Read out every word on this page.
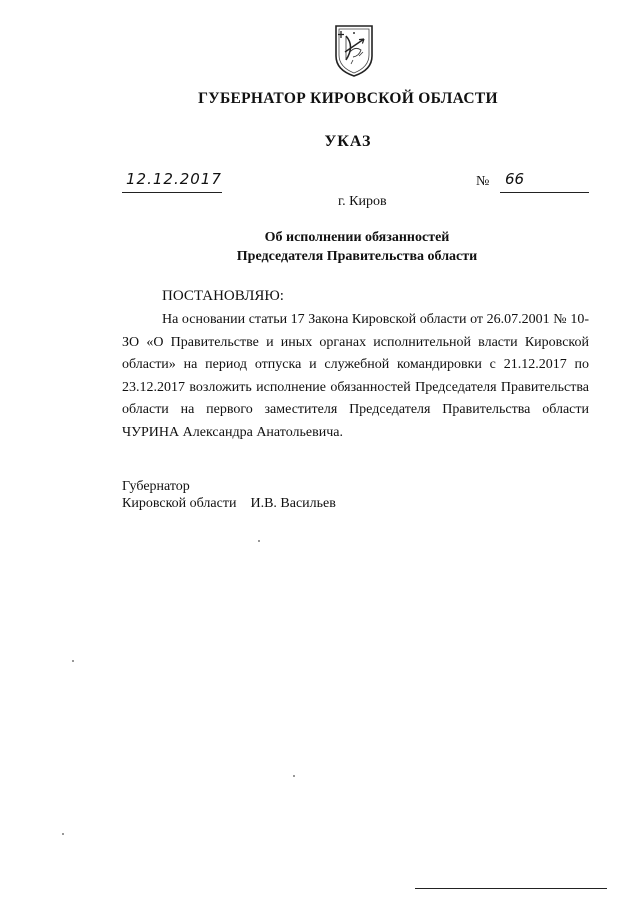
ГУБЕРНАТОР КИРОВСКОЙ ОБЛАСТИ
УКАЗ
12.12.2017	№ 66
г. Киров
Об исполнении обязанностей
Председателя Правительства области
ПОСТАНОВЛЯЮ:

На основании статьи 17 Закона Кировской области от 26.07.2001 № 10-ЗО «О Правительстве и иных органах исполнительной власти Кировской области» на период отпуска и служебной командировки с 21.12.2017 по 23.12.2017 возложить исполнение обязанностей Председателя Правительства области на первого заместителя Председателя Правительства области ЧУРИНА Александра Анатольевича.

Губернатор
Кировской области И.В. Васильев
